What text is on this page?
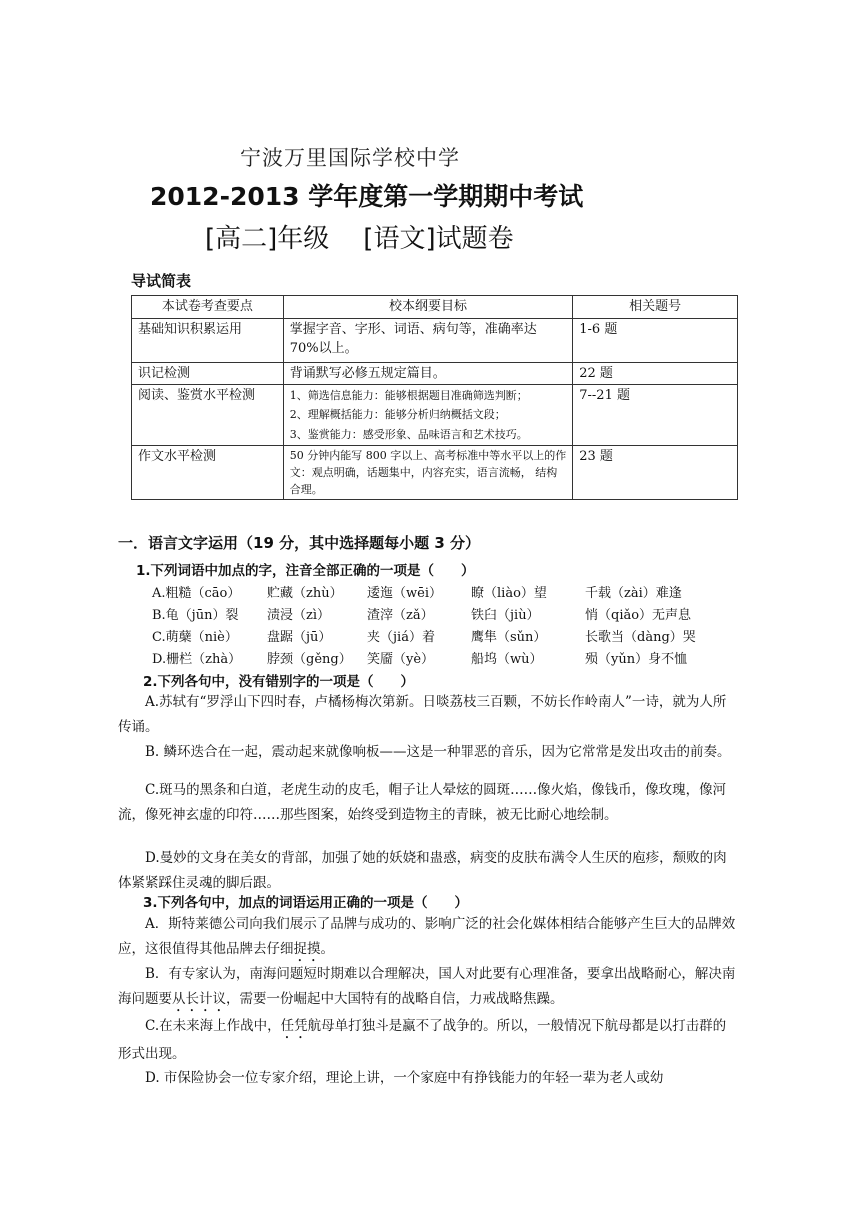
宁波万里国际学校中学
2012-2013 学年度第一学期期中考试
[高二]年级 [语文]试题卷
导试简表
本试卷考查要点	校本纲要目标	相关题号
基础知识积累运用	掌握字音、字形、词语、病句等，准确率达 70%以上。	1-6 题
识记检测	背诵默写必修五规定篇目。	22 题
阅读、鉴赏水平检测	1、筛选信息能力：能够根据题目准确筛选判断；
2、理解概括能力：能够分析归纳概括文段；
3、鉴赏能力：感受形象、品味语言和艺术技巧。	7--21 题
作文水平检测	50 分钟内能写 800 字以上、高考标准中等水平以上的作文：观点明确，话题集中，内容充实，语言流畅， 结构合理。	23 题
一．语言文字运用（19 分，其中选择题每小题 3 分）
1.下列词语中加点的字，注音全部正确的一项是（　　）
A.粗糙（cāo） 贮藏（zhù） 逶迤（wēi） 瞭（liào）望	千载（zài）难逢
B.龟（jūn）裂 渍浸（zì）	渣滓（zǎ）	铁臼（jiù）	悄（qiǎo）无声息
C.萌蘖（niè） 盘踞（jū）	夹（jiá）着	鹰隼（sǔn）	长歌当（dàng）哭
D.栅栏（zhà） 脖颈（gěng） 笑靥（yè）	船坞（wù）	殒（yǔn）身不恤
2.下列各句中，没有错别字的一项是（　　）
A.苏轼有“罗浮山下四时春，卢橘杨梅次第新。日啖荔枝三百颗，不妨长作岭南人”一诗，就为人所传诵。
B. 鳞环迭合在一起，震动起来就像响板——这是一种罪恶的音乐，因为它常常是发出攻击的前奏。
C.斑马的黑条和白道，老虎生动的皮毛，帽子让人晕炫的圆斑……像火焰，像钱币，像玫瑰，像河流，像死神玄虚的印符……那些图案，始终受到造物主的青睐，被无比耐心地绘制。
D.曼妙的文身在美女的背部，加强了她的妖娆和蛊惑，病变的皮肤布满令人生厌的庖疹，颓败的肉体紧紧踩住灵魂的脚后跟。
3.下列各句中，加点的词语运用正确的一项是（　　）
A．斯特莱德公司向我们展示了品牌与成功的、影响广泛的社会化媒体相结合能够产生巨大的品牌效应，这很值得其他品牌去仔细捉摸。
B．有专家认为，南海问题短时期难以合理解决，国人对此要有心理准备，要拿出战略耐心，解决南海问题要从长计议，需要一份崛起中大国特有的战略自信，力戒战略焦躁。
C.在未来海上作战中，任凭航母单打独斗是赢不了战争的。所以，一般情况下航母都是以打击群的形式出现。
D. 市保险协会一位专家介绍，理论上讲，一个家庭中有挣钱能力的年轻一辈为老人或幼
